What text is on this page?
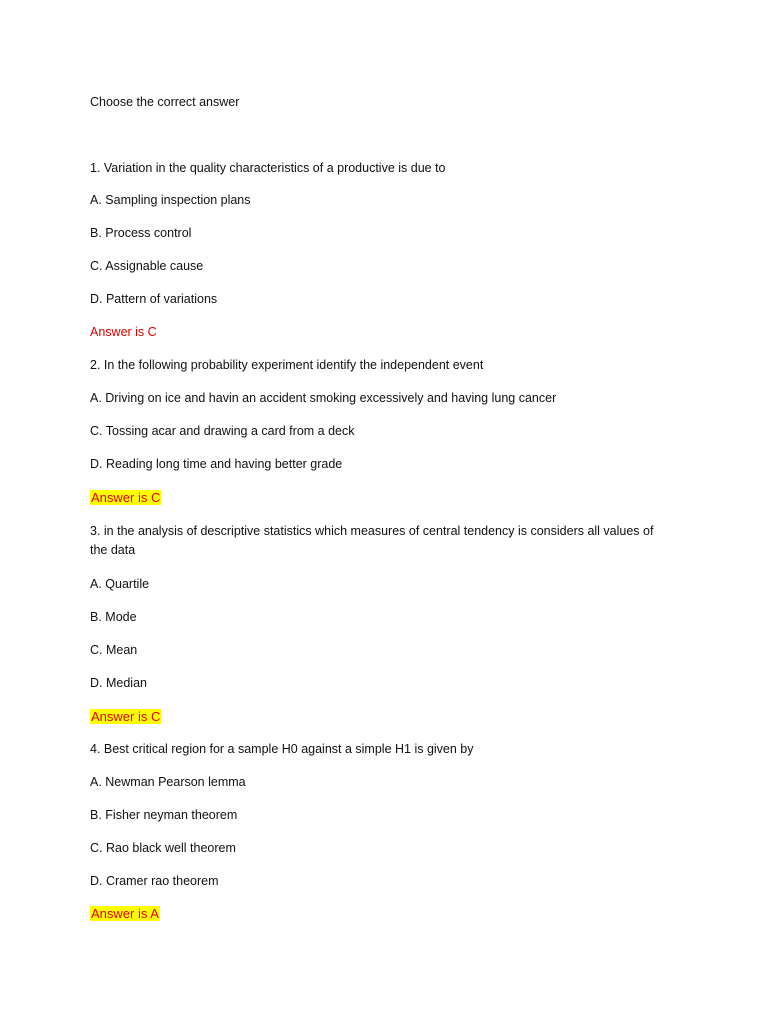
Choose the correct answer
1. Variation in the quality characteristics of a productive is due to
A. Sampling inspection plans
B. Process control
C. Assignable cause
D. Pattern of variations
Answer is C
2. In the following probability experiment identify the independent event
A. Driving on ice and havin an accident smoking excessively and having lung cancer
C. Tossing acar and drawing a card from a deck
D. Reading long time and having better grade
Answer is C
3. in the analysis of descriptive statistics which measures of central tendency is considers all values of the data
A. Quartile
B. Mode
C. Mean
D. Median
Answer is C
4. Best critical region for a sample H0 against a simple H1 is given by
A. Newman Pearson lemma
B. Fisher neyman theorem
C. Rao black well theorem
D. Cramer rao theorem
Answer is A
